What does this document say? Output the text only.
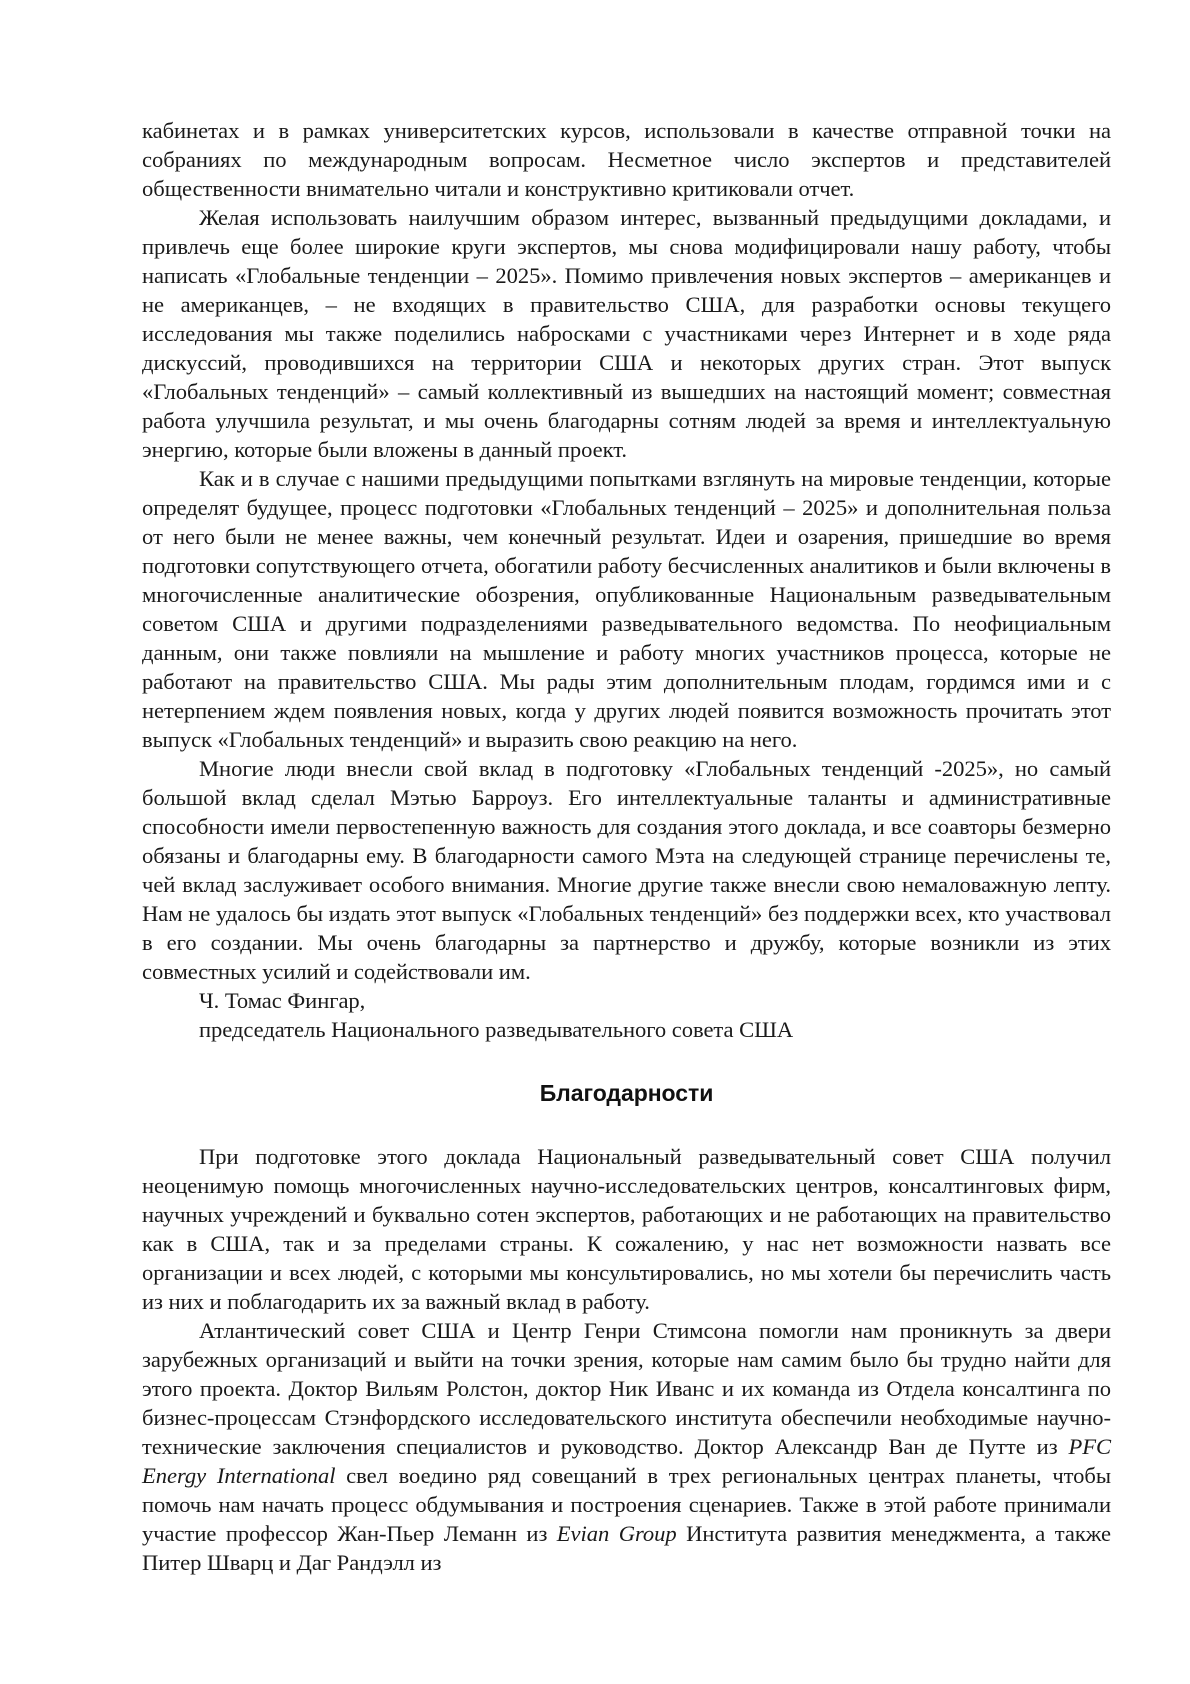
кабинетах и в рамках университетских курсов, использовали в качестве отправной точки на собраниях по международным вопросам. Несметное число экспертов и представителей общественности внимательно читали и конструктивно критиковали отчет.

Желая использовать наилучшим образом интерес, вызванный предыдущими докладами, и привлечь еще более широкие круги экспертов, мы снова модифицировали нашу работу, чтобы написать «Глобальные тенденции – 2025». Помимо привлечения новых экспертов – американцев и не американцев, – не входящих в правительство США, для разработки основы текущего исследования мы также поделились набросками с участниками через Интернет и в ходе ряда дискуссий, проводившихся на территории США и некоторых других стран. Этот выпуск «Глобальных тенденций» – самый коллективный из вышедших на настоящий момент; совместная работа улучшила результат, и мы очень благодарны сотням людей за время и интеллектуальную энергию, которые были вложены в данный проект.

Как и в случае с нашими предыдущими попытками взглянуть на мировые тенденции, которые определят будущее, процесс подготовки «Глобальных тенденций – 2025» и дополнительная польза от него были не менее важны, чем конечный результат. Идеи и озарения, пришедшие во время подготовки сопутствующего отчета, обогатили работу бесчисленных аналитиков и были включены в многочисленные аналитические обозрения, опубликованные Национальным разведывательным советом США и другими подразделениями разведывательного ведомства. По неофициальным данным, они также повлияли на мышление и работу многих участников процесса, которые не работают на правительство США. Мы рады этим дополнительным плодам, гордимся ими и с нетерпением ждем появления новых, когда у других людей появится возможность прочитать этот выпуск «Глобальных тенденций» и выразить свою реакцию на него.

Многие люди внесли свой вклад в подготовку «Глобальных тенденций -2025», но самый большой вклад сделал Мэтью Барроуз. Его интеллектуальные таланты и административные способности имели первостепенную важность для создания этого доклада, и все соавторы безмерно обязаны и благодарны ему. В благодарности самого Мэта на следующей странице перечислены те, чей вклад заслуживает особого внимания. Многие другие также внесли свою немаловажную лепту. Нам не удалось бы издать этот выпуск «Глобальных тенденций» без поддержки всех, кто участвовал в его создании. Мы очень благодарны за партнерство и дружбу, которые возникли из этих совместных усилий и содействовали им.

Ч. Томас Фингар,
председатель Национального разведывательного совета США
Благодарности

При подготовке этого доклада Национальный разведывательный совет США получил неоценимую помощь многочисленных научно-исследовательских центров, консалтинговых фирм, научных учреждений и буквально сотен экспертов, работающих и не работающих на правительство как в США, так и за пределами страны. К сожалению, у нас нет возможности назвать все организации и всех людей, с которыми мы консультировались, но мы хотели бы перечислить часть из них и поблагодарить их за важный вклад в работу.

Атлантический совет США и Центр Генри Стимсона помогли нам проникнуть за двери зарубежных организаций и выйти на точки зрения, которые нам самим было бы трудно найти для этого проекта. Доктор Вильям Ролстон, доктор Ник Иванс и их команда из Отдела консалтинга по бизнес-процессам Стэнфордского исследовательского института обеспечили необходимые научно-технические заключения специалистов и руководство. Доктор Александр Ван де Путте из PFC Energy International свел воедино ряд совещаний в трех региональных центрах планеты, чтобы помочь нам начать процесс обдумывания и построения сценариев. Также в этой работе принимали участие профессор Жан-Пьер Леманн из Evian Group Института развития менеджмента, а также Питер Шварц и Даг Рандэлл из
